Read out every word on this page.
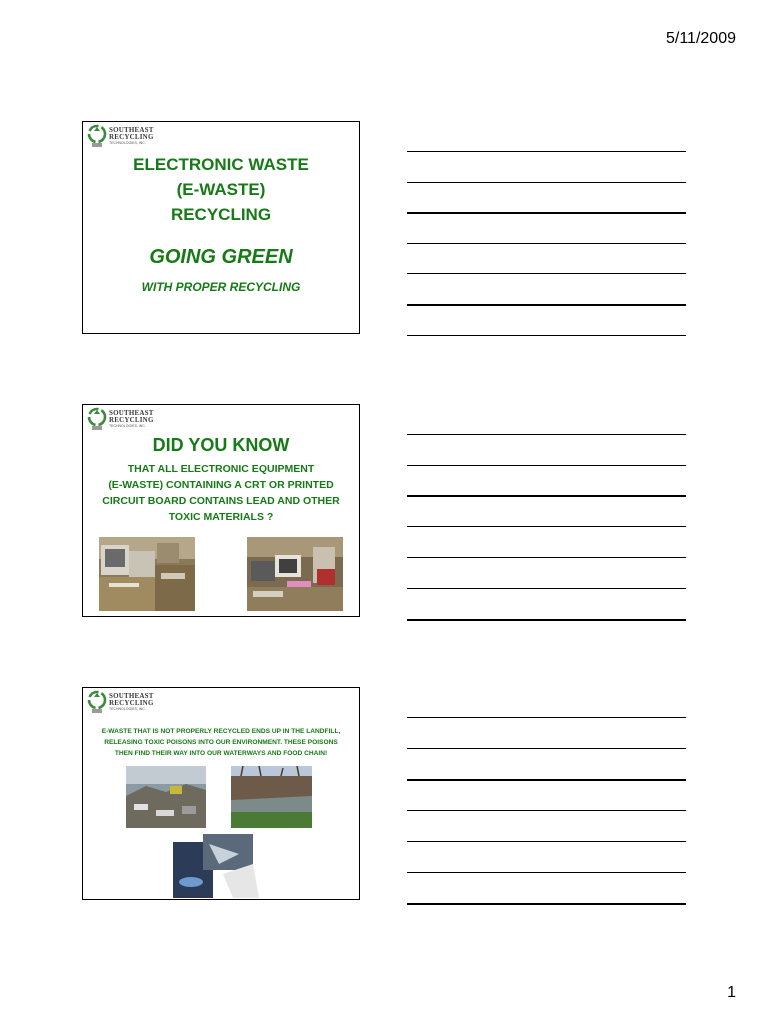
5/11/2009
SOUTHEAST
RECYCLING
TECHNOLOGIES, INC.
ELECTRONIC WASTE
(E-WASTE)
RECYCLING
GOING GREEN
WITH PROPER RECYCLING
SOUTHEAST
RECYCLING
TECHNOLOGIES, INC.
DID YOU KNOW
THAT ALL ELECTRONIC EQUIPMENT
(E-WASTE) CONTAINING A CRT OR PRINTED
CIRCUIT BOARD CONTAINS LEAD AND OTHER
TOXIC MATERIALS ?
SOUTHEAST
RECYCLING
TECHNOLOGIES, INC.
E-WASTE THAT IS NOT PROPERLY RECYCLED ENDS UP IN THE LANDFILL,
RELEASING TOXIC POISONS INTO OUR ENVIRONMENT. THESE POISONS
THEN FIND THEIR WAY INTO OUR WATERWAYS AND FOOD CHAIN!
1
